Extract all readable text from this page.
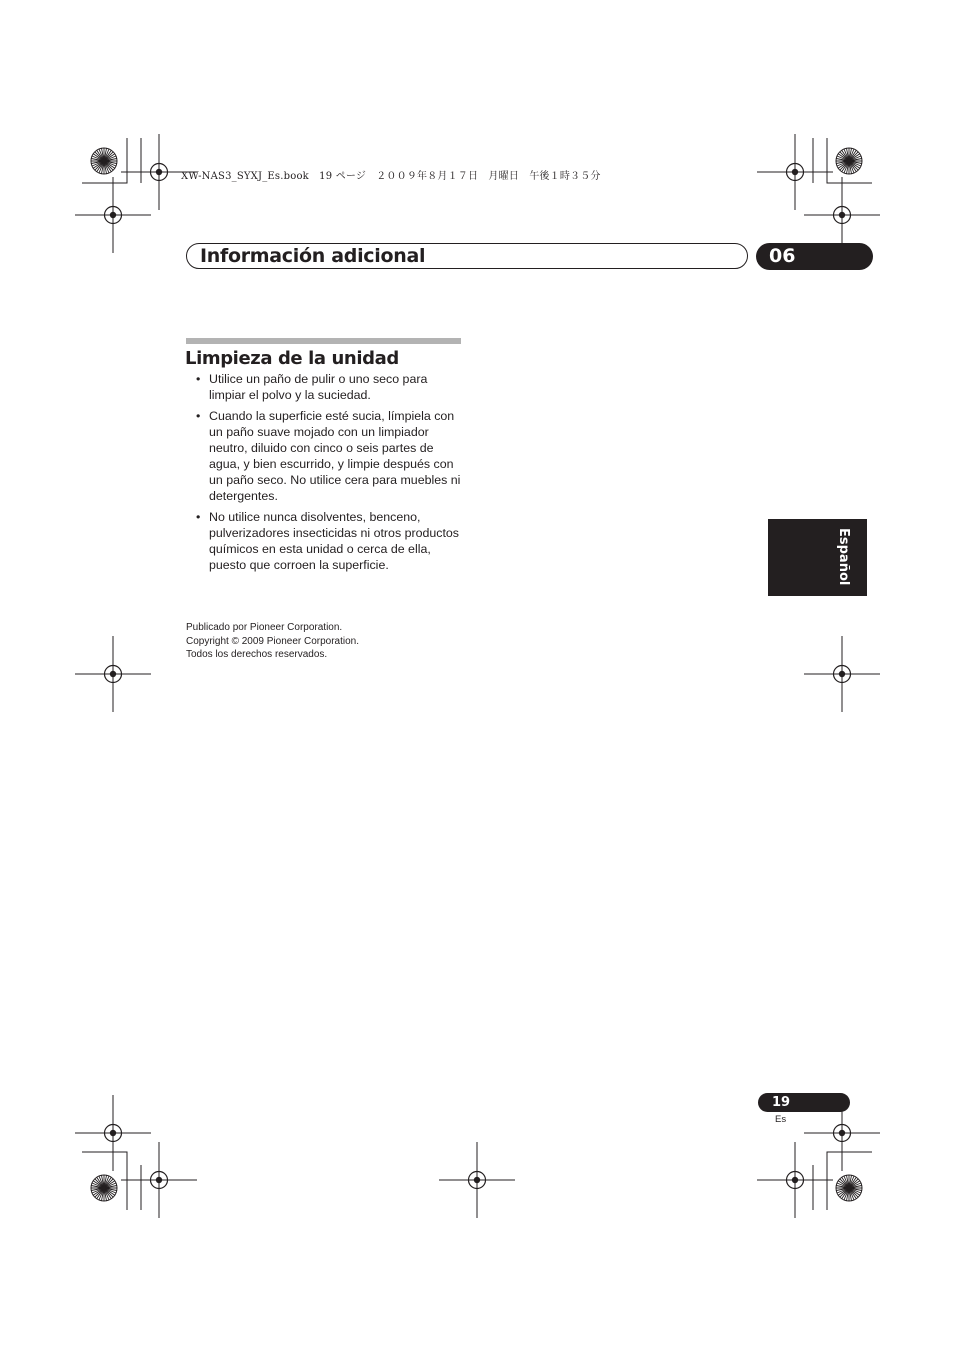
XW-NAS3_SYXJ_Es.book　19 ページ　２００９年８月１７日　月曜日　午後１時３５分
Información adicional	06
Limpieza de la unidad
• Utilice un paño de pulir o uno seco para limpiar el polvo y la suciedad.
• Cuando la superficie esté sucia, límpiela con un paño suave mojado con un limpiador neutro, diluido con cinco o seis partes de agua, y bien escurrido, y limpie después con un paño seco. No utilice cera para muebles ni detergentes.
• No utilice nunca disolventes, benceno, pulverizadores insecticidas ni otros productos químicos en esta unidad o cerca de ella, puesto que corroen la superficie.
Publicado por Pioneer Corporation.
Copyright © 2009 Pioneer Corporation.
Todos los derechos reservados.
Español
19
Es
